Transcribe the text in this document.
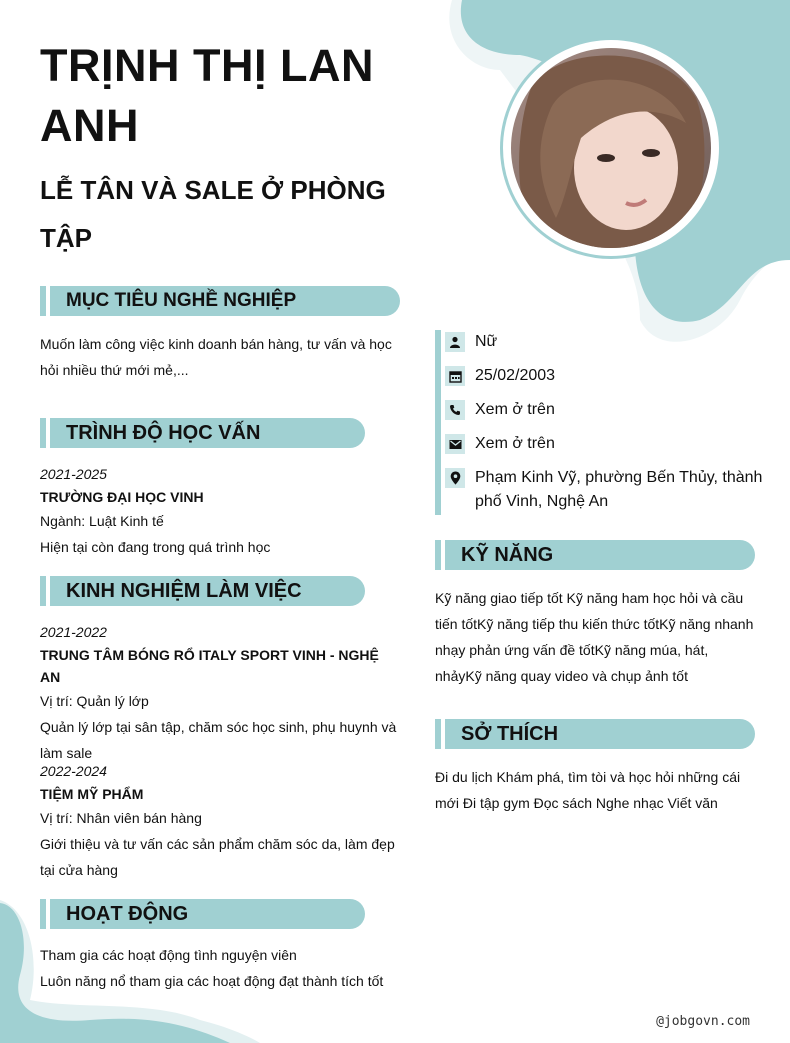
TRỊNH THỊ LAN ANH
LỄ TÂN VÀ SALE Ở PHÒNG TẬP
MỤC TIÊU NGHỀ NGHIỆP
Muốn làm công việc kinh doanh bán hàng, tư vấn và học hỏi nhiều thứ mới mẻ,...
TRÌNH ĐỘ HỌC VẤN
2021-2025
TRƯỜNG ĐẠI HỌC VINH
Ngành: Luật Kinh tế
Hiện tại còn đang trong quá trình học
KINH NGHIỆM LÀM VIỆC
2021-2022
TRUNG TÂM BÓNG RỔ ITALY SPORT VINH - NGHỆ AN
Vị trí: Quản lý lớp
Quản lý lớp tại sân tập, chăm sóc học sinh, phụ huynh và làm sale
2022-2024
TIỆM MỸ PHẨM
Vị trí: Nhân viên bán hàng
Giới thiệu và tư vấn các sản phẩm chăm sóc da, làm đẹp tại cửa hàng
HOẠT ĐỘNG
Tham gia các hoạt động tình nguyện viên
Luôn năng nổ tham gia các hoạt động đạt thành tích tốt
Nữ
25/02/2003
Xem ở trên
Xem ở trên
Phạm Kinh Vỹ, phường Bến Thủy, thành phố Vinh, Nghệ An
KỸ NĂNG
Kỹ năng giao tiếp tốt Kỹ năng ham học hỏi và cầu tiến tốtKỹ năng tiếp thu kiến thức tốtKỹ năng nhanh nhạy phản ứng vấn đề tốtKỹ năng múa, hát, nhảyKỹ năng quay video và chụp ảnh tốt
SỞ THÍCH
Đi du lịch Khám phá, tìm tòi và học hỏi những cái mới Đi tập gym Đọc sách Nghe nhạc Viết văn
@jobgovn.com
